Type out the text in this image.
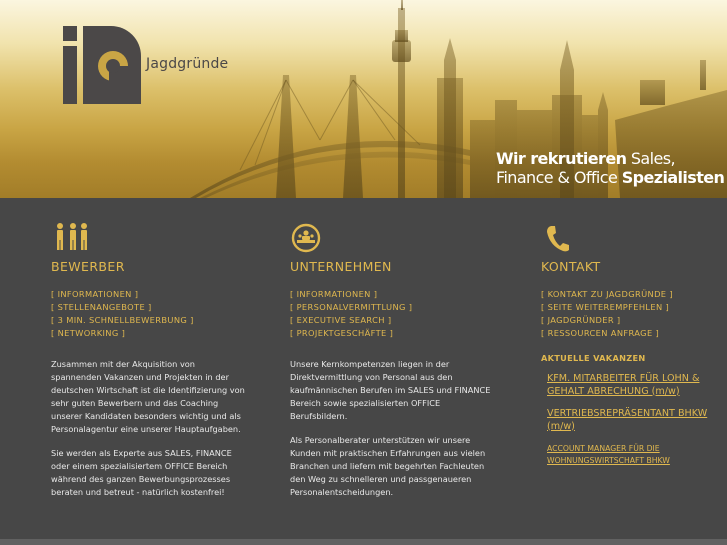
Jagdgründe
Wir rekrutieren Sales,
Finance & Office Spezialisten
BEWERBER
[ INFORMATIONEN ]
[ STELLENANGEBOTE ]
[ 3 MIN. SCHNELLBEWERBUNG ]
[ NETWORKING ]

Zusammen mit der Akquisition von spannenden Vakanzen und Projekten in der deutschen Wirtschaft ist die Identifizierung von sehr guten Bewerbern und das Coaching unserer Kandidaten besonders wichtig und als Personalagentur eine unserer Hauptaufgaben.

Sie werden als Experte aus SALES, FINANCE oder einem spezialisiertem OFFICE Bereich während des ganzen Bewerbungsprozesses beraten und betreut - natürlich kostenfrei!

UNTERNEHMEN
[ INFORMATIONEN ]
[ PERSONALVERMITTLUNG ]
[ EXECUTIVE SEARCH ]
[ PROJEKTGESCHÄFTE ]

Unsere Kernkompetenzen liegen in der Direktvermittlung von Personal aus den kaufmännischen Berufen im SALES und FINANCE Bereich sowie spezialisierten OFFICE Berufsbildern.

Als Personalberater unterstützen wir unsere Kunden mit praktischen Erfahrungen aus vielen Branchen und liefern mit begehrten Fachleuten den Weg zu schnelleren und passgenaueren Personalentscheidungen.

KONTAKT
[ KONTAKT ZU JAGDGRÜNDE ]
[ SEITE WEITEREMPFEHLEN ]
[ JAGDGRÜNDER ]
[ RESSOURCEN ANFRAGE ]
AKTUELLE VAKANZEN
KFM. MITARBEITER FÜR LOHN & GEHALT ABRECHUNG (m/w)
VERTRIEBSREPRÄSENTANT BHKW (m/w)
ACCOUNT MANAGER FÜR DIE WOHNUNGSWIRTSCHAFT BHKW
